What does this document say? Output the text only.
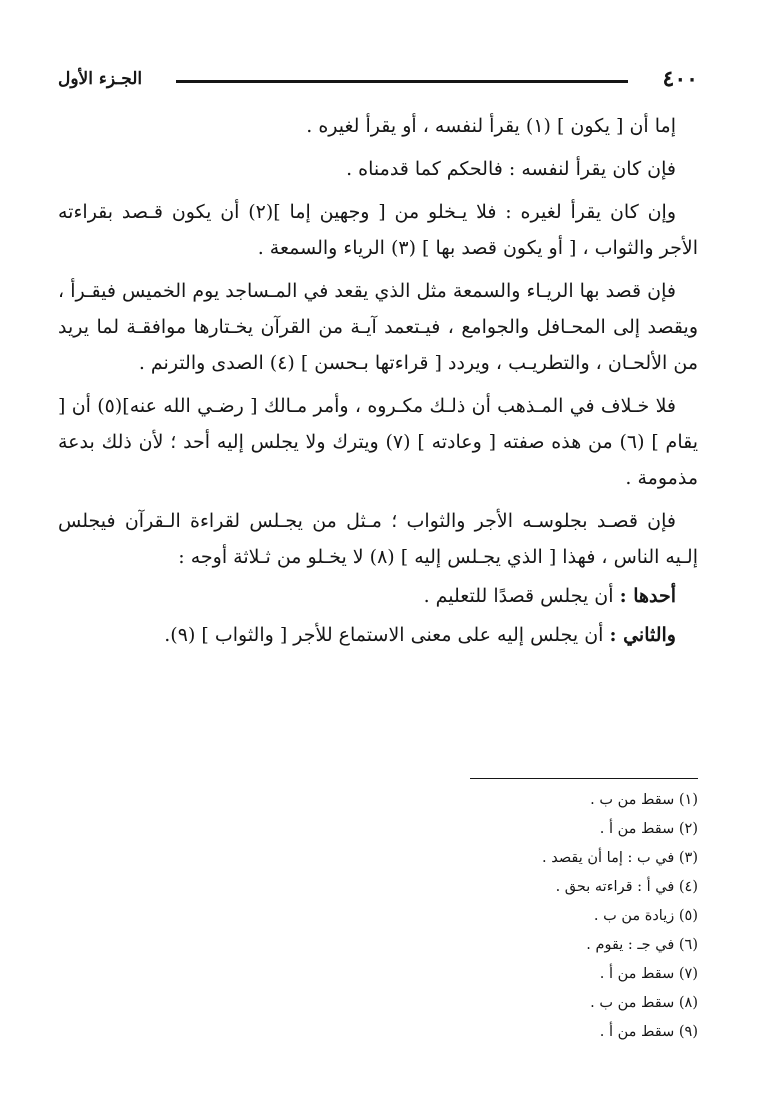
٤٠٠
الجـزء الأول

إما أن [ يكون ] (١) يقرأ لنفسه ، أو يقرأ لغيره .

فإن كان يقرأ لنفسه : فالحكم كما قدمناه .

وإن كان يقرأ لغيره : فلا يـخلو من [ وجهين إما ](٢) أن يكون قـصد بقراءته الأجر والثواب ، [ أو يكون قصد بها ] (٣) الرياء والسمعة .

فإن قصد بها الريـاء والسمعة مثل الذي يقعد في المـساجد يوم الخميس فيقـرأ ، ويقصد إلى المحـافل والجوامع ، فيـتعمد آيـة من القرآن يخـتارها موافقـة لما يريد من الألحـان ، والتطريـب ، ويردد [ قراءتها بـحسن ] (٤) الصدى والترنم .

فلا خـلاف في المـذهب أن ذلـك مكـروه ، وأمر مـالك [ رضـي الله عنه](٥) أن [ يقام ] (٦) من هذه صفته [ وعادته ] (٧) ويترك ولا يجلس إليه أحد ؛ لأن ذلك بدعة مذمومة .

فإن قصـد بجلوسـه الأجر والثواب ؛ مـثل من يجـلس لقراءة الـقرآن فيجلس إلـيه الناس ، فهذا [ الذي يجـلس إليه ] (٨) لا يخـلو من ثـلاثة أوجه :

أحدها : أن يجلس قصدًا للتعليم .

والثاني : أن يجلس إليه على معنى الاستماع للأجر [ والثواب ] (٩).

(١) سقط من ب .
(٢) سقط من أ .
(٣) في ب : إما أن يقصد .
(٤) في أ : قراءته بحق .
(٥) زيادة من ب .
(٦) في جـ : يقوم .
(٧) سقط من أ .
(٨) سقط من ب .
(٩) سقط من أ .
